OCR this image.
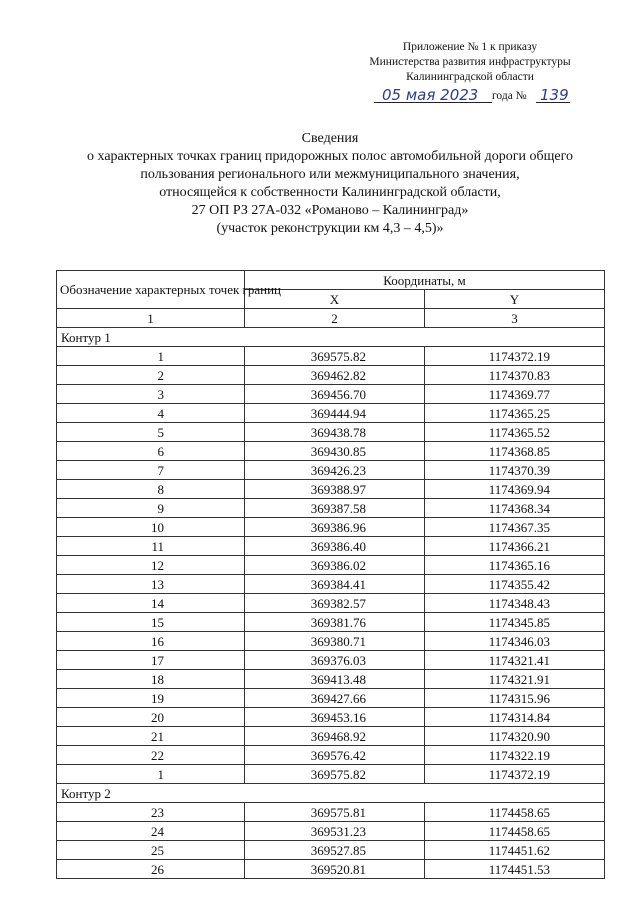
Приложение № 1 к приказу
Министерства развития инфраструктуры
Калининградской области
05 мая 2023 года № 139
Сведения
о характерных точках границ придорожных полос автомобильной дороги общего
пользования регионального или межмуниципального значения,
относящейся к собственности Калининградской области,
27 ОП РЗ 27А-032 «Романово – Калининград»
(участок реконструкции км 4,3 – 4,5)»
Обозначение характерных точек границ	Координаты, м	
	X	Y
1	2	3
Контур 1		
1	369575.82	1174372.19
2	369462.82	1174370.83
3	369456.70	1174369.77
4	369444.94	1174365.25
5	369438.78	1174365.52
6	369430.85	1174368.85
7	369426.23	1174370.39
8	369388.97	1174369.94
9	369387.58	1174368.34
10	369386.96	1174367.35
11	369386.40	1174366.21
12	369386.02	1174365.16
13	369384.41	1174355.42
14	369382.57	1174348.43
15	369381.76	1174345.85
16	369380.71	1174346.03
17	369376.03	1174321.41
18	369413.48	1174321.91
19	369427.66	1174315.96
20	369453.16	1174314.84
21	369468.92	1174320.90
22	369576.42	1174322.19
1	369575.82	1174372.19
Контур 2		
23	369575.81	1174458.65
24	369531.23	1174458.65
25	369527.85	1174451.62
26	369520.81	1174451.53
